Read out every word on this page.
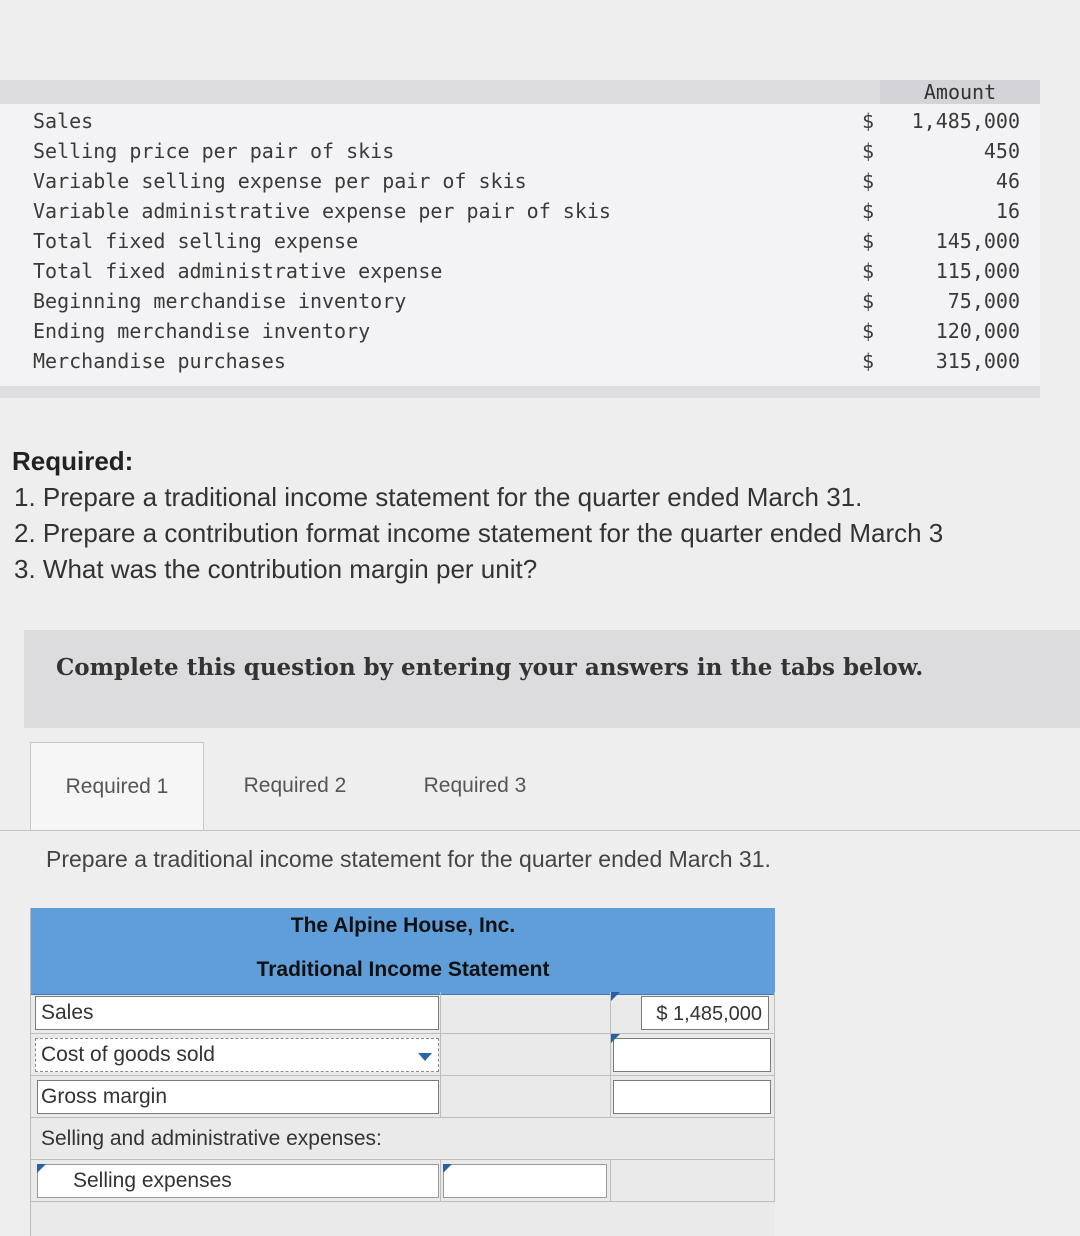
Amount
Sales	$ 1,485,000
Selling price per pair of skis	$	450
Variable selling expense per pair of skis	$	46
Variable administrative expense per pair of skis	$	16
Total fixed selling expense	$	145,000
Total fixed administrative expense	$	115,000
Beginning merchandise inventory	$	75,000
Ending merchandise inventory	$	120,000
Merchandise purchases	$	315,000
Required:
1. Prepare a traditional income statement for the quarter ended March 31.
2. Prepare a contribution format income statement for the quarter ended March 3
3. What was the contribution margin per unit?
Complete this question by entering your answers in the tabs below.
Required 1	Required 2	Required 3
Prepare a traditional income statement for the quarter ended March 31.
The Alpine House, Inc.
Traditional Income Statement
Sales	$ 1,485,000
Cost of goods sold
Gross margin
Selling and administrative expenses:
Selling expenses
